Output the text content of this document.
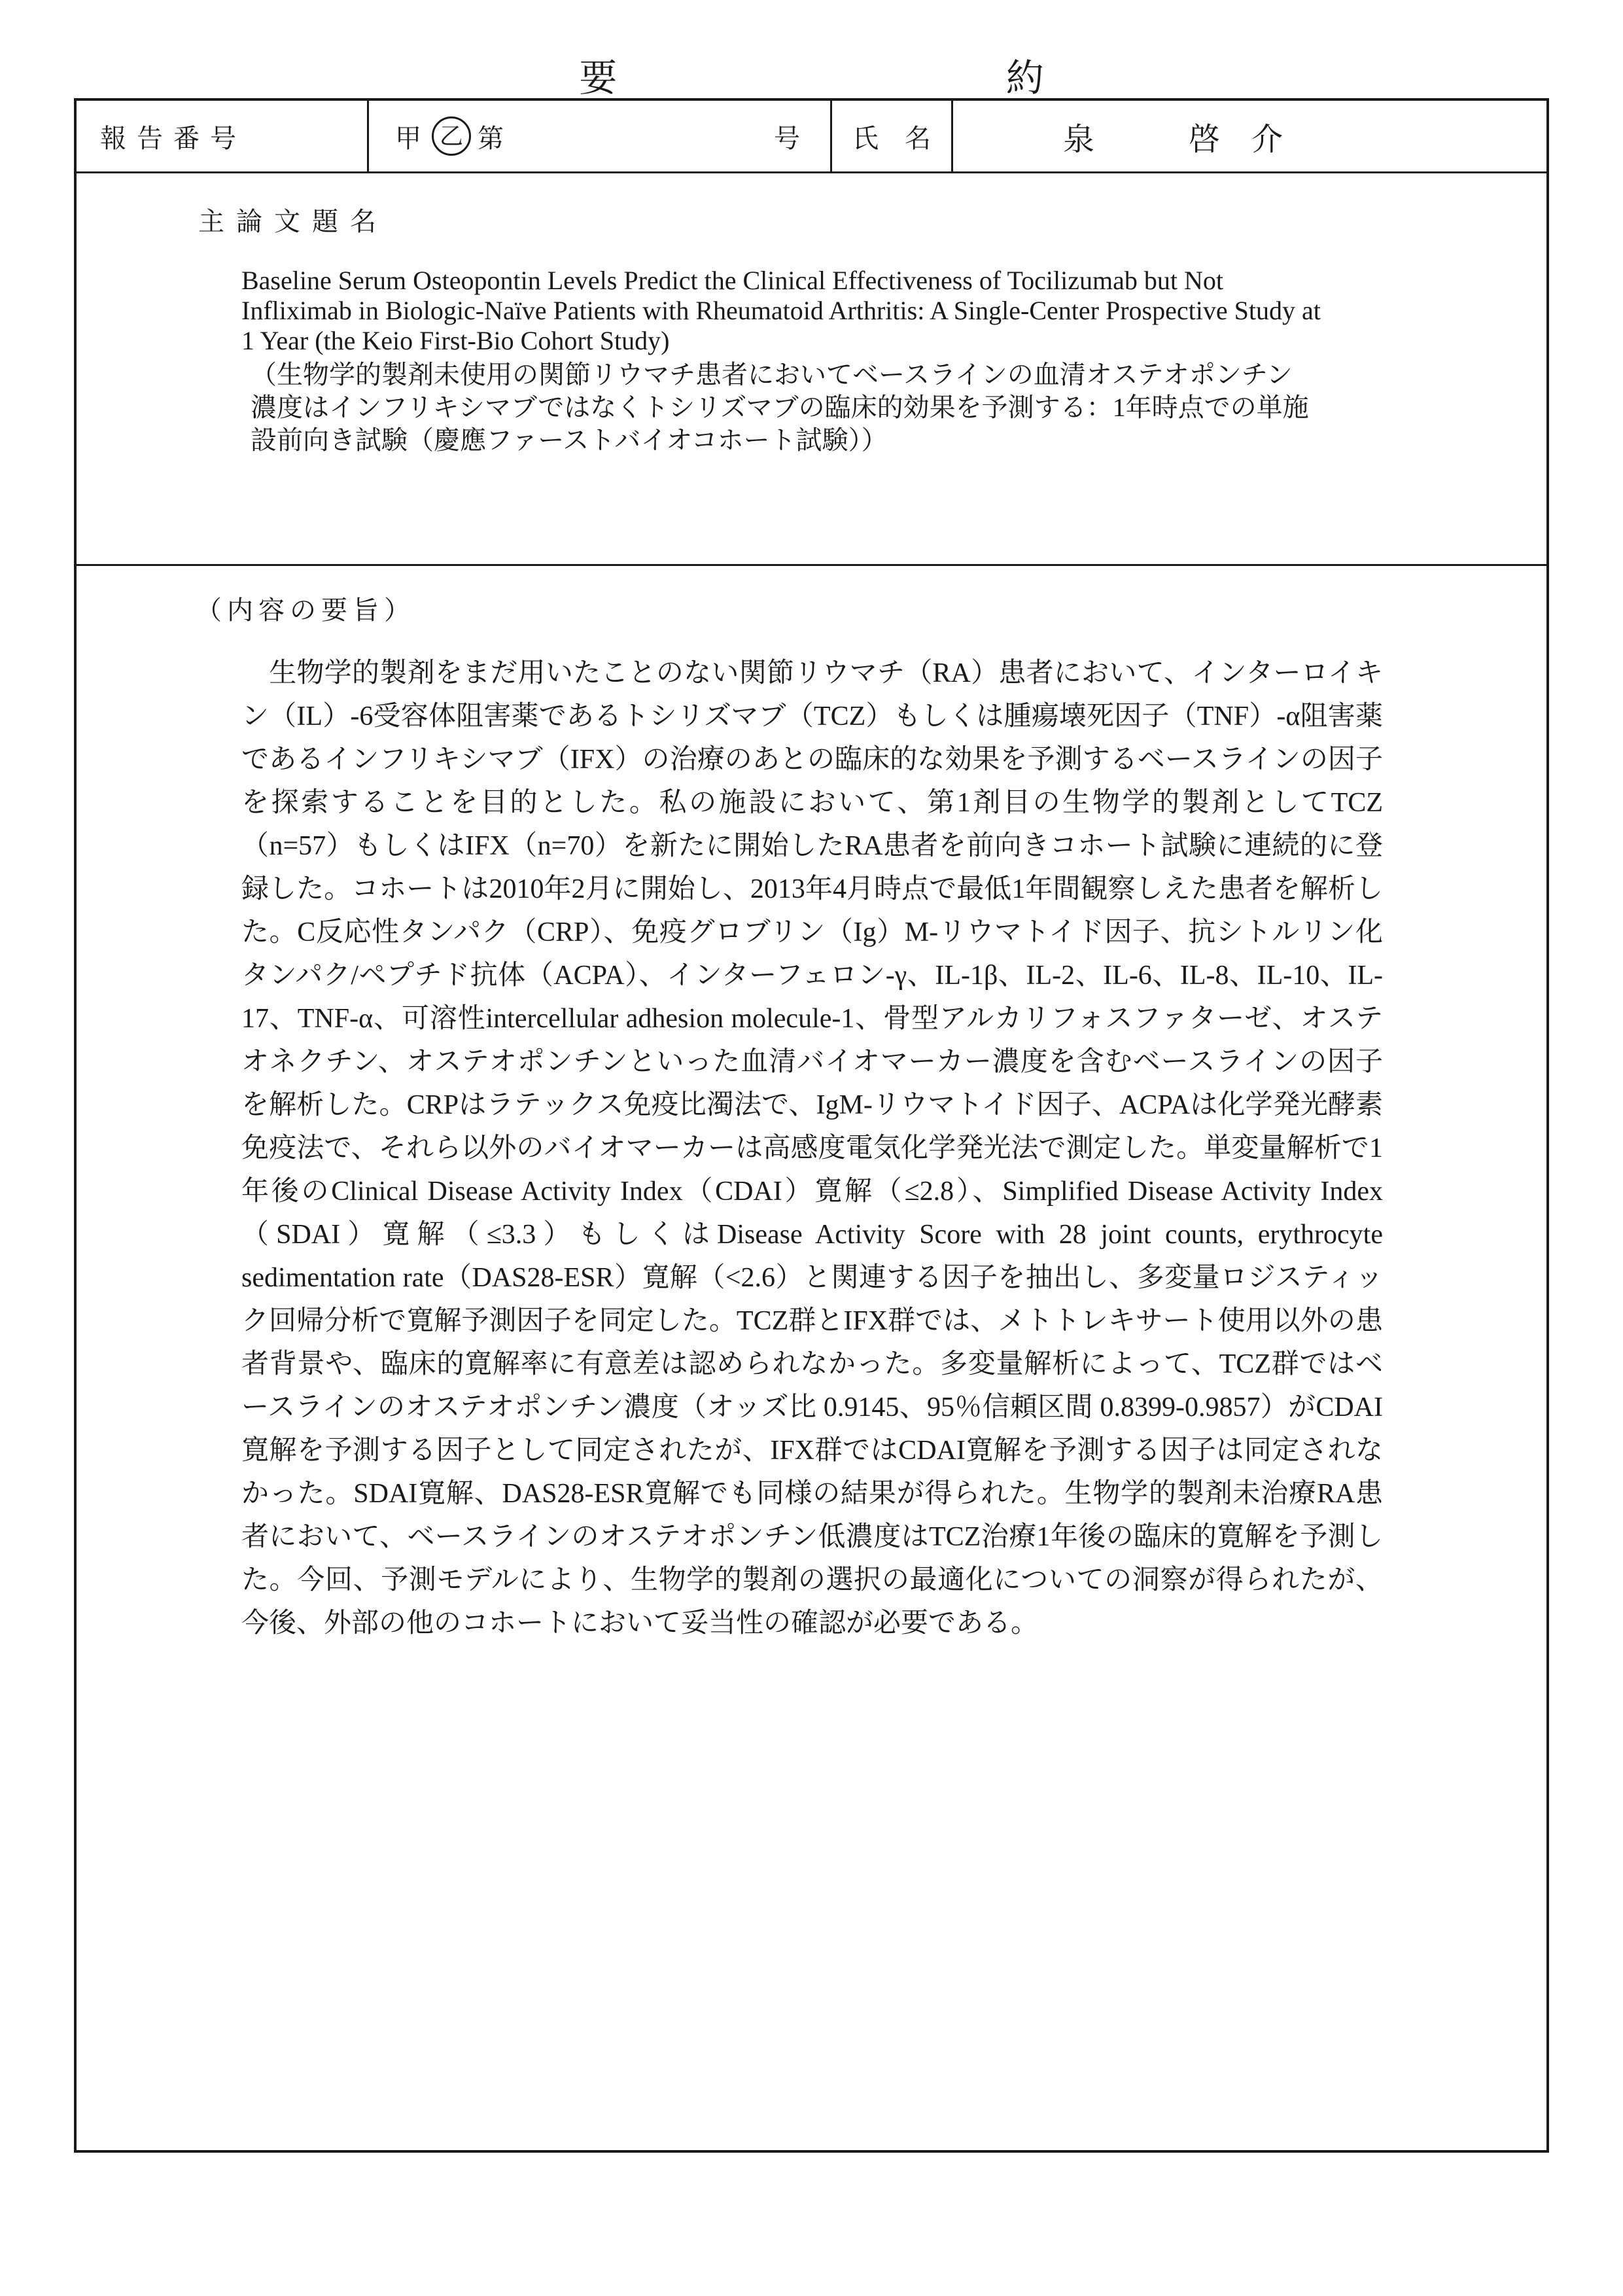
要 約
報告番号	甲 乙 第	号	氏　名	泉　　　啓　介
主論文題名
Baseline Serum Osteopontin Levels Predict the Clinical Effectiveness of Tocilizumab but Not Infliximab in Biologic-Naïve Patients with Rheumatoid Arthritis: A Single-Center Prospective Study at 1 Year (the Keio First-Bio Cohort Study)
（生物学的製剤未使用の関節リウマチ患者においてベースラインの血清オステオポンチン濃度はインフリキシマブではなくトシリズマブの臨床的効果を予測する：1年時点での単施設前向き試験（慶應ファーストバイオコホート試験））
（内容の要旨）
　生物学的製剤をまだ用いたことのない関節リウマチ（RA）患者において、インターロイキン（IL）-6受容体阻害薬であるトシリズマブ（TCZ）もしくは腫瘍壊死因子（TNF）-α阻害薬であるインフリキシマブ（IFX）の治療のあとの臨床的な効果を予測するベースラインの因子を探索することを目的とした。私の施設において、第1剤目の生物学的製剤としてTCZ（n=57）もしくはIFX（n=70）を新たに開始したRA患者を前向きコホート試験に連続的に登録した。コホートは2010年2月に開始し、2013年4月時点で最低1年間観察しえた患者を解析した。C反応性タンパク（CRP）、免疫グロブリン（Ig）M-リウマトイド因子、抗シトルリン化タンパク/ペプチド抗体（ACPA）、インターフェロン-γ、IL-1β、IL-2、IL-6、IL-8、IL-10、IL-17、TNF-α、可溶性intercellular adhesion molecule-1、骨型アルカリフォスファターゼ、オステオネクチン、オステオポンチンといった血清バイオマーカー濃度を含むベースラインの因子を解析した。CRPはラテックス免疫比濁法で、IgM-リウマトイド因子、ACPAは化学発光酵素免疫法で、それら以外のバイオマーカーは高感度電気化学発光法で測定した。単変量解析で1年後のClinical Disease Activity Index（CDAI）寛解（≤2.8）、Simplified Disease Activity Index（SDAI）寛解（≤3.3）もしくはDisease Activity Score with 28 joint counts, erythrocyte sedimentation rate（DAS28-ESR）寛解（<2.6）と関連する因子を抽出し、多変量ロジスティック回帰分析で寛解予測因子を同定した。TCZ群とIFX群では、メトトレキサート使用以外の患者背景や、臨床的寛解率に有意差は認められなかった。多変量解析によって、TCZ群ではベースラインのオステオポンチン濃度（オッズ比 0.9145、95％信頼区間 0.8399-0.9857）がCDAI寛解を予測する因子として同定されたが、IFX群ではCDAI寛解を予測する因子は同定されなかった。SDAI寛解、DAS28-ESR寛解でも同様の結果が得られた。生物学的製剤未治療RA患者において、ベースラインのオステオポンチン低濃度はTCZ治療1年後の臨床的寛解を予測した。今回、予測モデルにより、生物学的製剤の選択の最適化についての洞察が得られたが、今後、外部の他のコホートにおいて妥当性の確認が必要である。
